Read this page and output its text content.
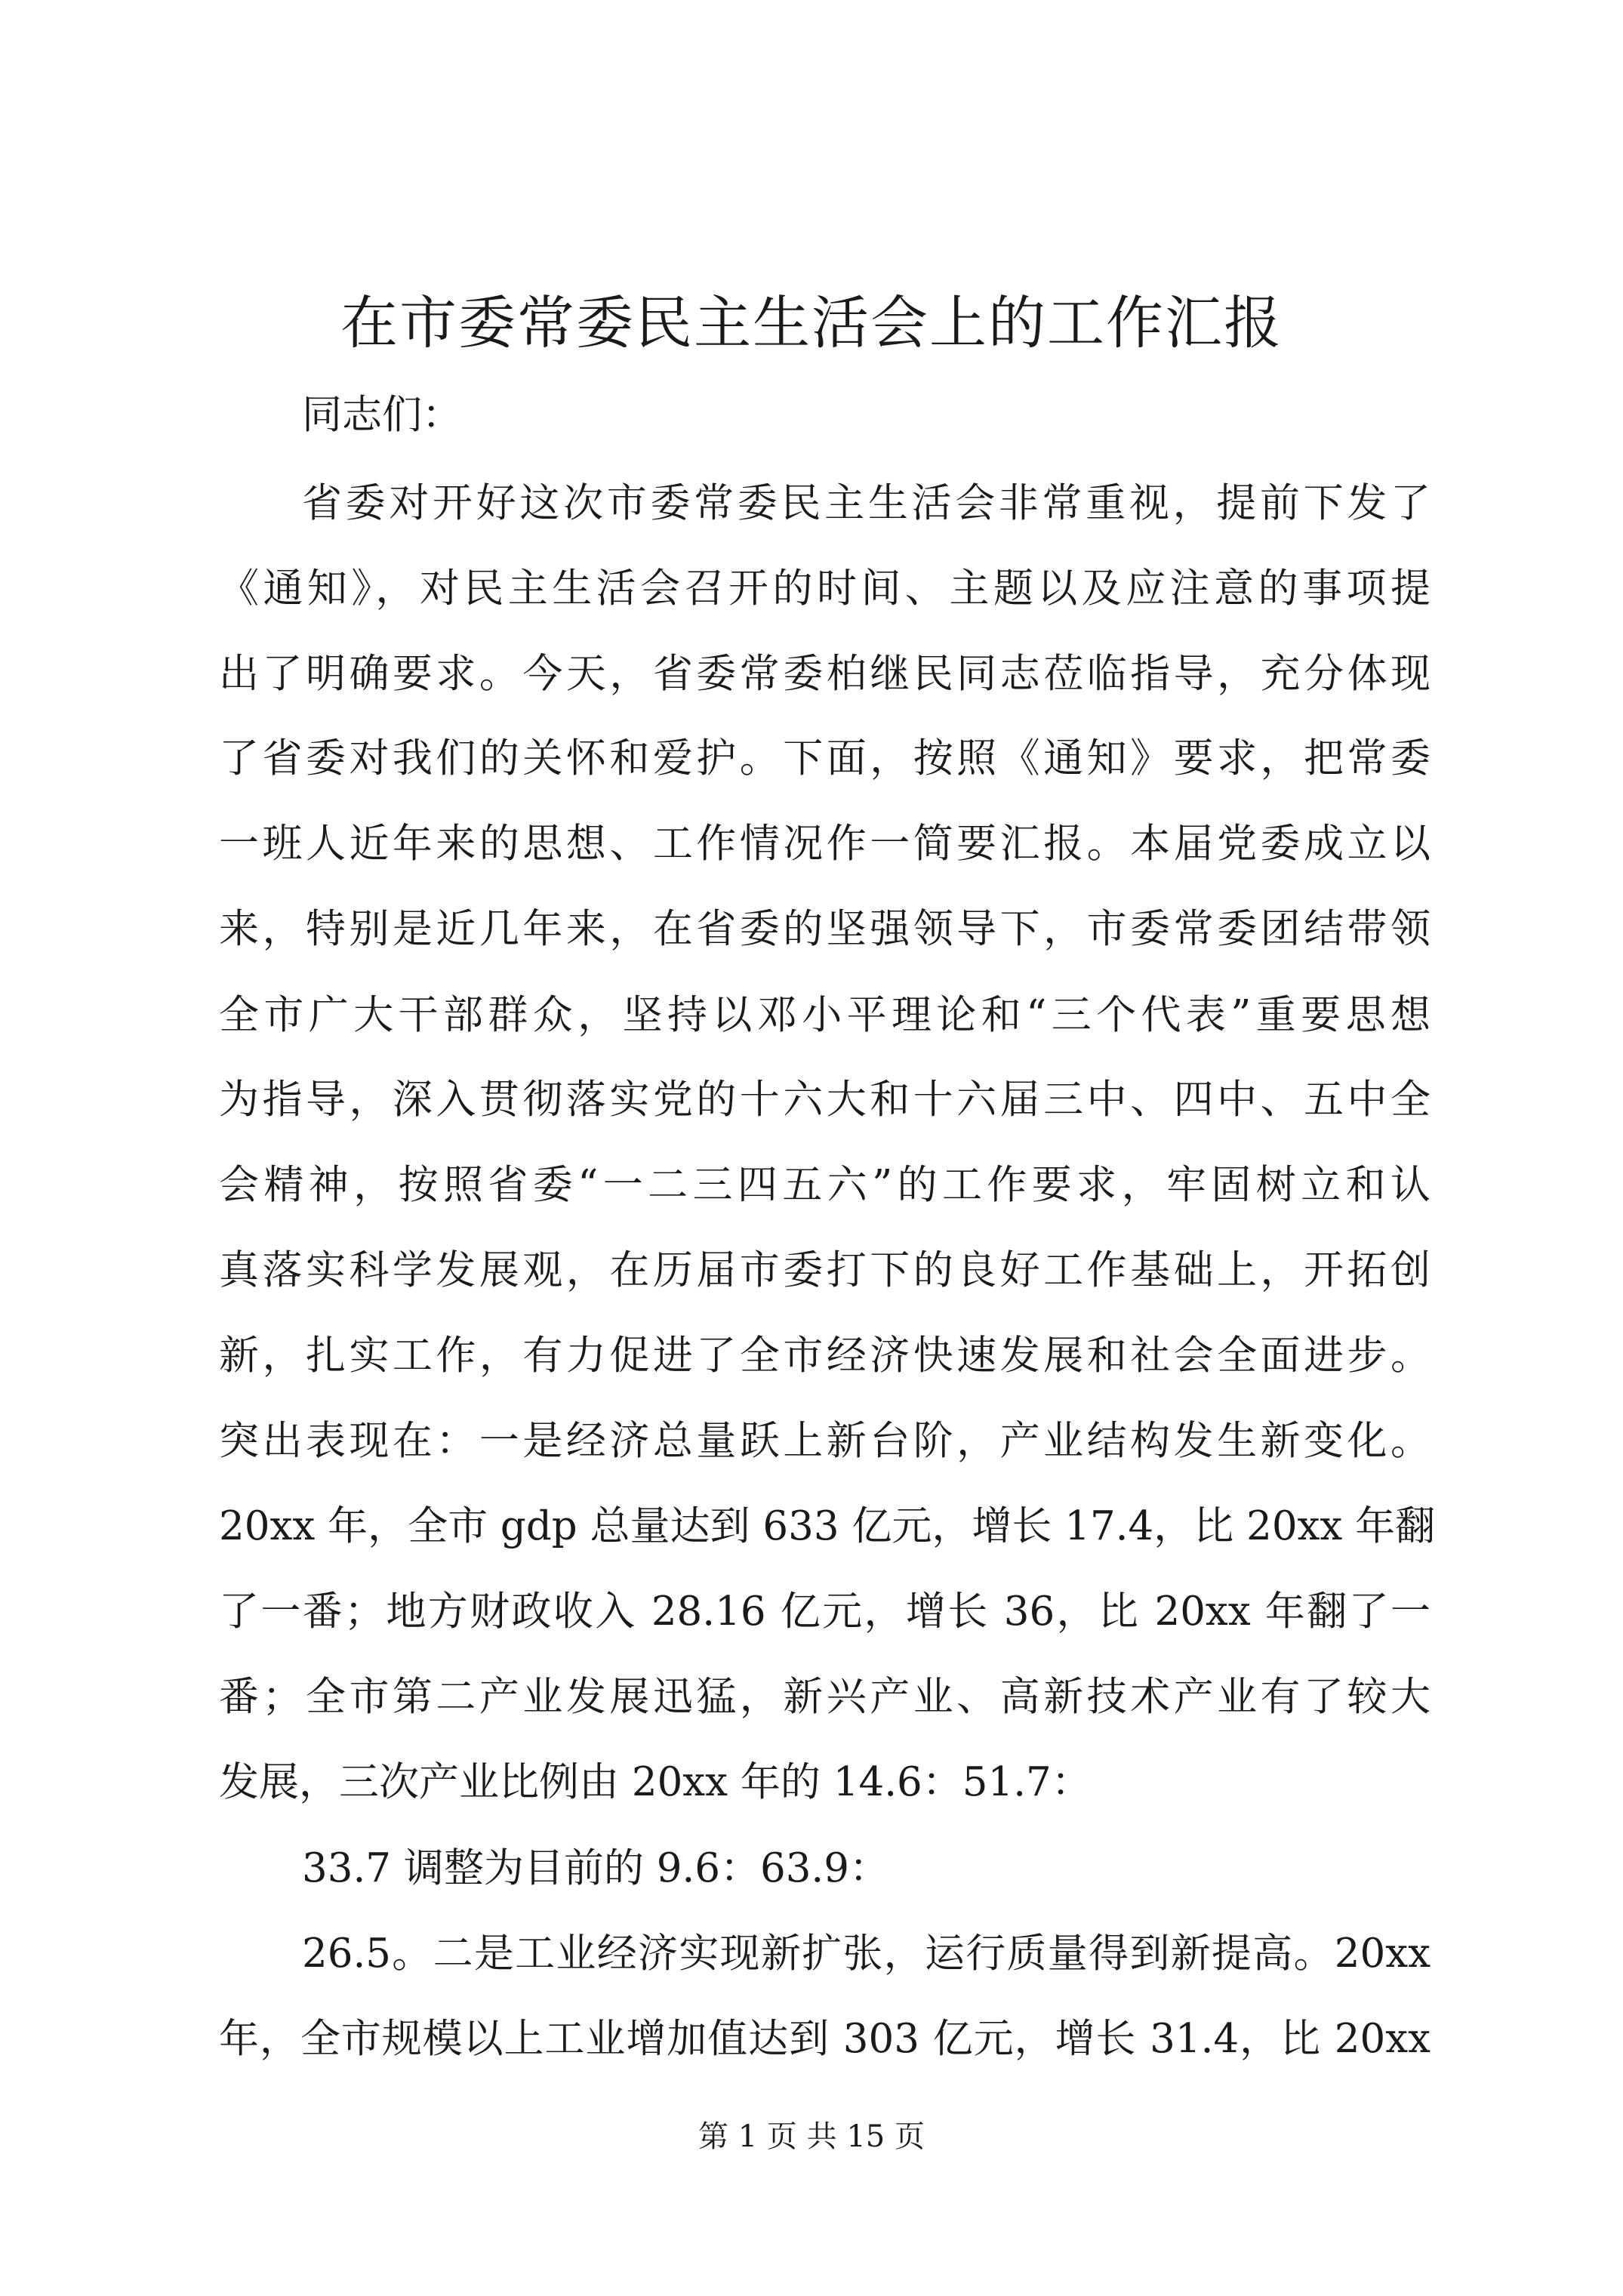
在市委常委民主生活会上的工作汇报

同志们：

省委对开好这次市委常委民主生活会非常重视，提前下发了

《通知》，对民主生活会召开的时间、主题以及应注意的事项提

出了明确要求。今天，省委常委柏继民同志莅临指导，充分体现

了省委对我们的关怀和爱护。下面，按照《通知》要求，把常委

一班人近年来的思想、工作情况作一简要汇报。本届党委成立以

来，特别是近几年来，在省委的坚强领导下，市委常委团结带领

全市广大干部群众，坚持以邓小平理论和“三个代表”重要思想

为指导，深入贯彻落实党的十六大和十六届三中、四中、五中全

会精神，按照省委“一二三四五六”的工作要求，牢固树立和认

真落实科学发展观，在历届市委打下的良好工作基础上，开拓创

新，扎实工作，有力促进了全市经济快速发展和社会全面进步。

突出表现在：一是经济总量跃上新台阶，产业结构发生新变化。

20xx 年，全市 gdp 总量达到 633 亿元，增长 17.4，比 20xx 年翻

了一番；地方财政收入 28.16 亿元，增长 36，比 20xx 年翻了一

番；全市第二产业发展迅猛，新兴产业、高新技术产业有了较大

发展，三次产业比例由 20xx 年的 14.6：51.7：

33.7 调整为目前的 9.6：63.9：

26.5。二是工业经济实现新扩张，运行质量得到新提高。20xx

年，全市规模以上工业增加值达到 303 亿元，增长 31.4，比 20xx

第 1 页 共 15 页
